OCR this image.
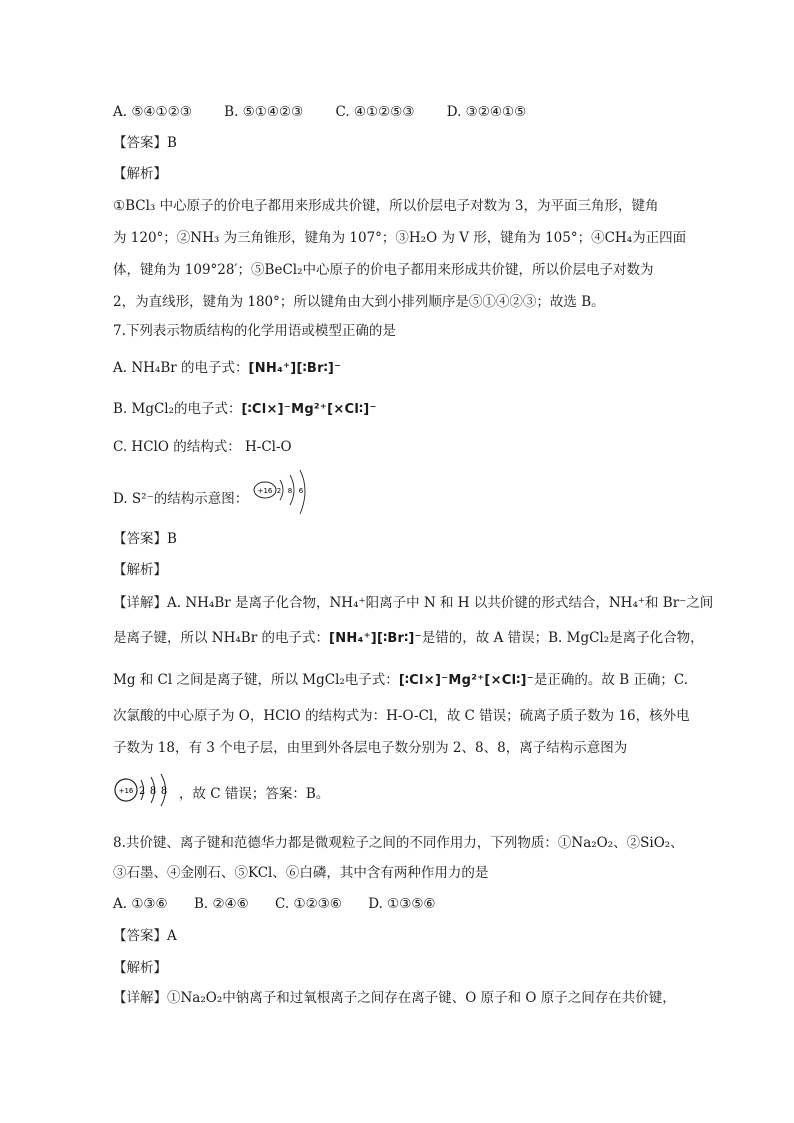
A. ⑤④①②③ B. ⑤①④②③ C. ④①②⑤③ D. ③②④①⑤
【答案】B
【解析】
①BCl₃ 中心原子的价电子都用来形成共价键，所以价层电子对数为 3，为平面三角形，键角
为 120°；②NH₃ 为三角锥形，键角为 107°；③H₂O 为 V 形，键角为 105°；④CH₄为正四面
体，键角为 109°28′；⑤BeCl₂中心原子的价电子都用来形成共价键，所以价层电子对数为
2，为直线形，键角为 180°；所以键角由大到小排列顺序是⑤①④②③；故选 B。
7.下列表示物质结构的化学用语或模型正确的是
A. NH₄Br 的电子式：[NH₄⁺][∶Br∶]⁻
B. MgCl₂的电子式：[∶Cl×]⁻Mg²⁺[×Cl∶]⁻
C. HClO 的结构式： H-Cl-O
D. S²⁻的结构示意图： +16 2 8 6
【答案】B
【解析】
【详解】A. NH₄Br 是离子化合物，NH₄⁺阳离子中 N 和 H 以共价键的形式结合，NH₄⁺和 Br⁻之间
是离子键，所以 NH₄Br 的电子式：[NH₄⁺][∶Br∶]⁻是错的，故 A 错误；B. MgCl₂是离子化合物，
Mg 和 Cl 之间是离子键，所以 MgCl₂电子式：[∶Cl×]⁻Mg²⁺[×Cl∶]⁻是正确的。故 B 正确；C.
次氯酸的中心原子为 O，HClO 的结构式为：H-O-Cl，故 C 错误；硫离子质子数为 16，核外电
子数为 18，有 3 个电子层，由里到外各层电子数分别为 2、8、8，离子结构示意图为
+16 2 8 8 ，故 C 错误；答案：B。
8.共价键、离子键和范德华力都是微观粒子之间的不同作用力，下列物质：①Na₂O₂、②SiO₂、
③石墨、④金刚石、⑤KCl、⑥白磷，其中含有两种作用力的是
A. ①③⑥ B. ②④⑥ C. ①②③⑥ D. ①③⑤⑥
【答案】A
【解析】
【详解】①Na₂O₂中钠离子和过氧根离子之间存在离子键、O 原子和 O 原子之间存在共价键，
